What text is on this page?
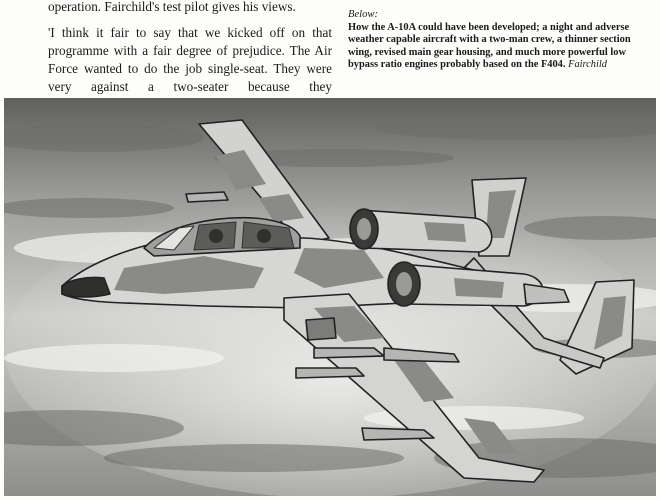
operation. Fairchild's test pilot gives his views.

'I think it fair to say that we kicked off on that programme with a fair degree of prejudice. The Air Force wanted to do the job single-seat. They were very against a two-seater because they

Below:
How the A-10A could have been developed; a night and adverse weather capable aircraft with a two-man crew, a thinner section wing, revised main gear housing, and much more powerful low bypass ratio engines probably based on the F404. Fairchild
